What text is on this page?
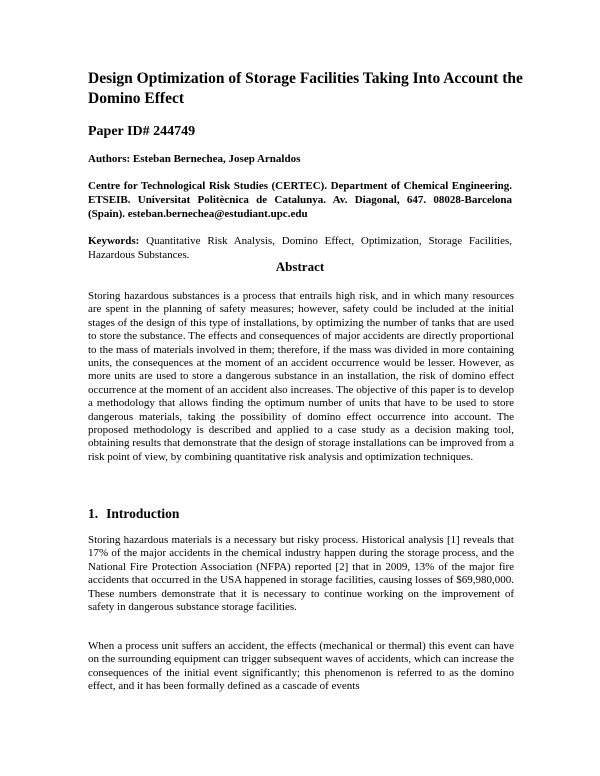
Design Optimization of Storage Facilities Taking Into Account the Domino Effect
Paper ID# 244749
Authors: Esteban Bernechea, Josep Arnaldos
Centre for Technological Risk Studies (CERTEC). Department of Chemical Engineering. ETSEIB. Universitat Politècnica de Catalunya. Av. Diagonal, 647. 08028-Barcelona (Spain). esteban.bernechea@estudiant.upc.edu
Keywords: Quantitative Risk Analysis, Domino Effect, Optimization, Storage Facilities, Hazardous Substances.
Abstract
Storing hazardous substances is a process that entrails high risk, and in which many resources are spent in the planning of safety measures; however, safety could be included at the initial stages of the design of this type of installations, by optimizing the number of tanks that are used to store the substance. The effects and consequences of major accidents are directly proportional to the mass of materials involved in them; therefore, if the mass was divided in more containing units, the consequences at the moment of an accident occurrence would be lesser. However, as more units are used to store a dangerous substance in an installation, the risk of domino effect occurrence at the moment of an accident also increases. The objective of this paper is to develop a methodology that allows finding the optimum number of units that have to be used to store dangerous materials, taking the possibility of domino effect occurrence into account. The proposed methodology is described and applied to a case study as a decision making tool, obtaining results that demonstrate that the design of storage installations can be improved from a risk point of view, by combining quantitative risk analysis and optimization techniques.
1. Introduction
Storing hazardous materials is a necessary but risky process. Historical analysis [1] reveals that 17% of the major accidents in the chemical industry happen during the storage process, and the National Fire Protection Association (NFPA) reported [2] that in 2009, 13% of the major fire accidents that occurred in the USA happened in storage facilities, causing losses of $69,980,000. These numbers demonstrate that it is necessary to continue working on the improvement of safety in dangerous substance storage facilities.
When a process unit suffers an accident, the effects (mechanical or thermal) this event can have on the surrounding equipment can trigger subsequent waves of accidents, which can increase the consequences of the initial event significantly; this phenomenon is referred to as the domino effect, and it has been formally defined as a cascade of events
